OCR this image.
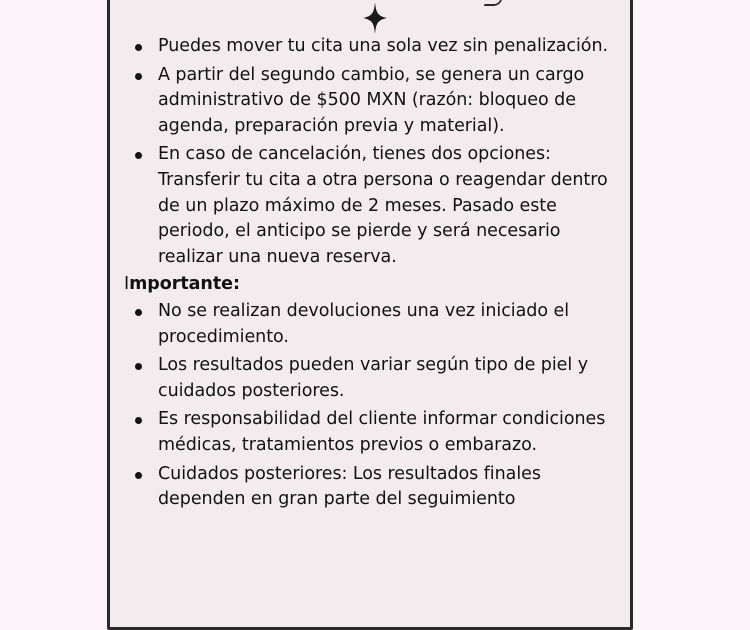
Puedes mover tu cita una sola vez sin penalización.
A partir del segundo cambio, se genera un cargo administrativo de $500 MXN (razón: bloqueo de agenda, preparación previa y material).
En caso de cancelación, tienes dos opciones: Transferir tu cita a otra persona o reagendar dentro de un plazo máximo de 2 meses. Pasado este periodo, el anticipo se pierde y será necesario realizar una nueva reserva.
Importante:
No se realizan devoluciones una vez iniciado el procedimiento.
Los resultados pueden variar según tipo de piel y cuidados posteriores.
Es responsabilidad del cliente informar condiciones médicas, tratamientos previos o embarazo.
Cuidados posteriores: Los resultados finales dependen en gran parte del seguimiento
